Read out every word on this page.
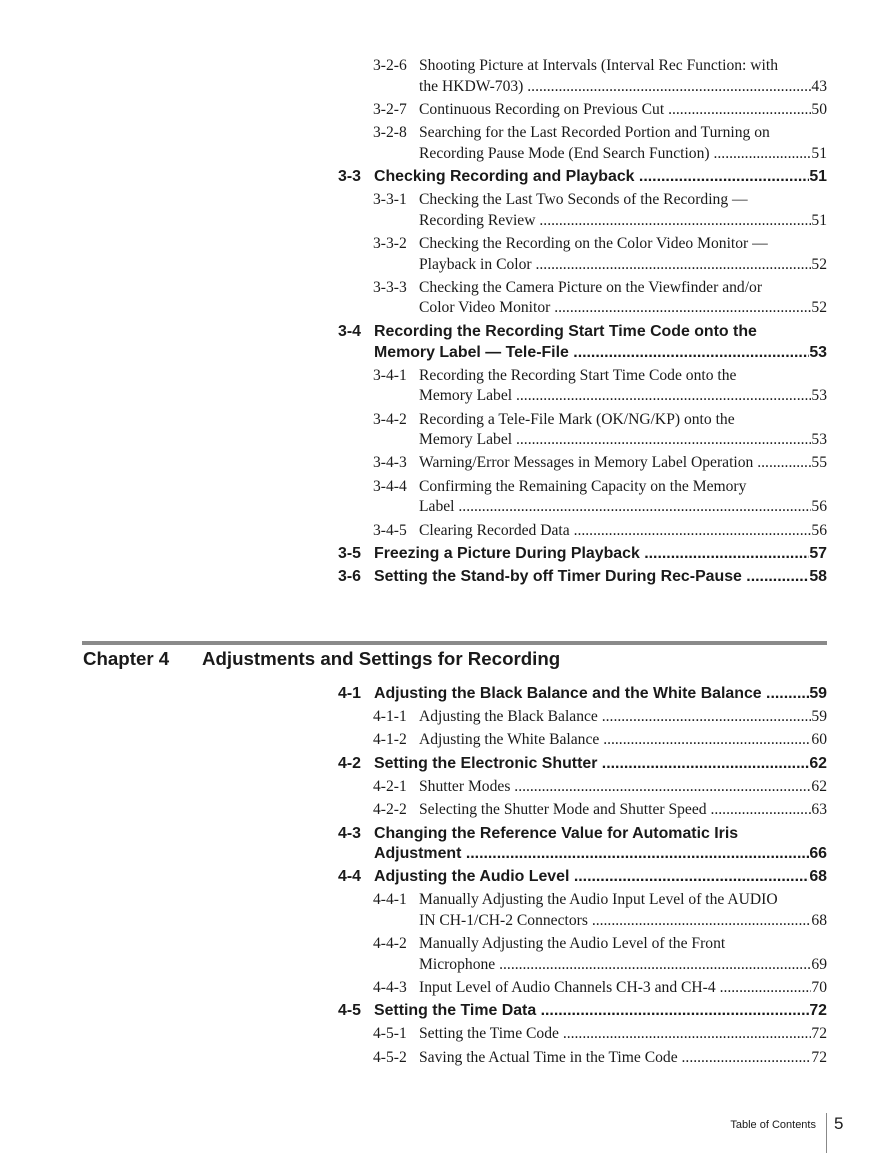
3-2-6 Shooting Picture at Intervals (Interval Rec Function: with
the HKDW-703) .....	43
3-2-7 Continuous Recording on Previous Cut .....	50
3-2-8 Searching for the Last Recorded Portion and Turning on
Recording Pause Mode (End Search Function) .....	51
3-3 Checking Recording and Playback .....	51
3-3-1 Checking the Last Two Seconds of the Recording —
Recording Review .....	51
3-3-2 Checking the Recording on the Color Video Monitor —
Playback in Color .....	52
3-3-3 Checking the Camera Picture on the Viewfinder and/or
Color Video Monitor .....	52
3-4 Recording the Recording Start Time Code onto the
Memory Label — Tele-File .....	53
3-4-1 Recording the Recording Start Time Code onto the
Memory Label .....	53
3-4-2 Recording a Tele-File Mark (OK/NG/KP) onto the
Memory Label .....	53
3-4-3 Warning/Error Messages in Memory Label Operation .....	55
3-4-4 Confirming the Remaining Capacity on the Memory
Label .....	56
3-4-5 Clearing Recorded Data .....	56
3-5 Freezing a Picture During Playback .....	57
3-6 Setting the Stand-by off Timer During Rec-Pause .....	58
Chapter 4 Adjustments and Settings for Recording
4-1 Adjusting the Black Balance and the White Balance .....	59
4-1-1 Adjusting the Black Balance .....	59
4-1-2 Adjusting the White Balance .....	60
4-2 Setting the Electronic Shutter .....	62
4-2-1 Shutter Modes .....	62
4-2-2 Selecting the Shutter Mode and Shutter Speed .....	63
4-3 Changing the Reference Value for Automatic Iris
Adjustment .....	66
4-4 Adjusting the Audio Level .....	68
4-4-1 Manually Adjusting the Audio Input Level of the AUDIO
IN CH-1/CH-2 Connectors .....	68
4-4-2 Manually Adjusting the Audio Level of the Front
Microphone .....	69
4-4-3 Input Level of Audio Channels CH-3 and CH-4 .....	70
4-5 Setting the Time Data .....	72
4-5-1 Setting the Time Code .....	72
4-5-2 Saving the Actual Time in the Time Code .....	72
Table of Contents 5
